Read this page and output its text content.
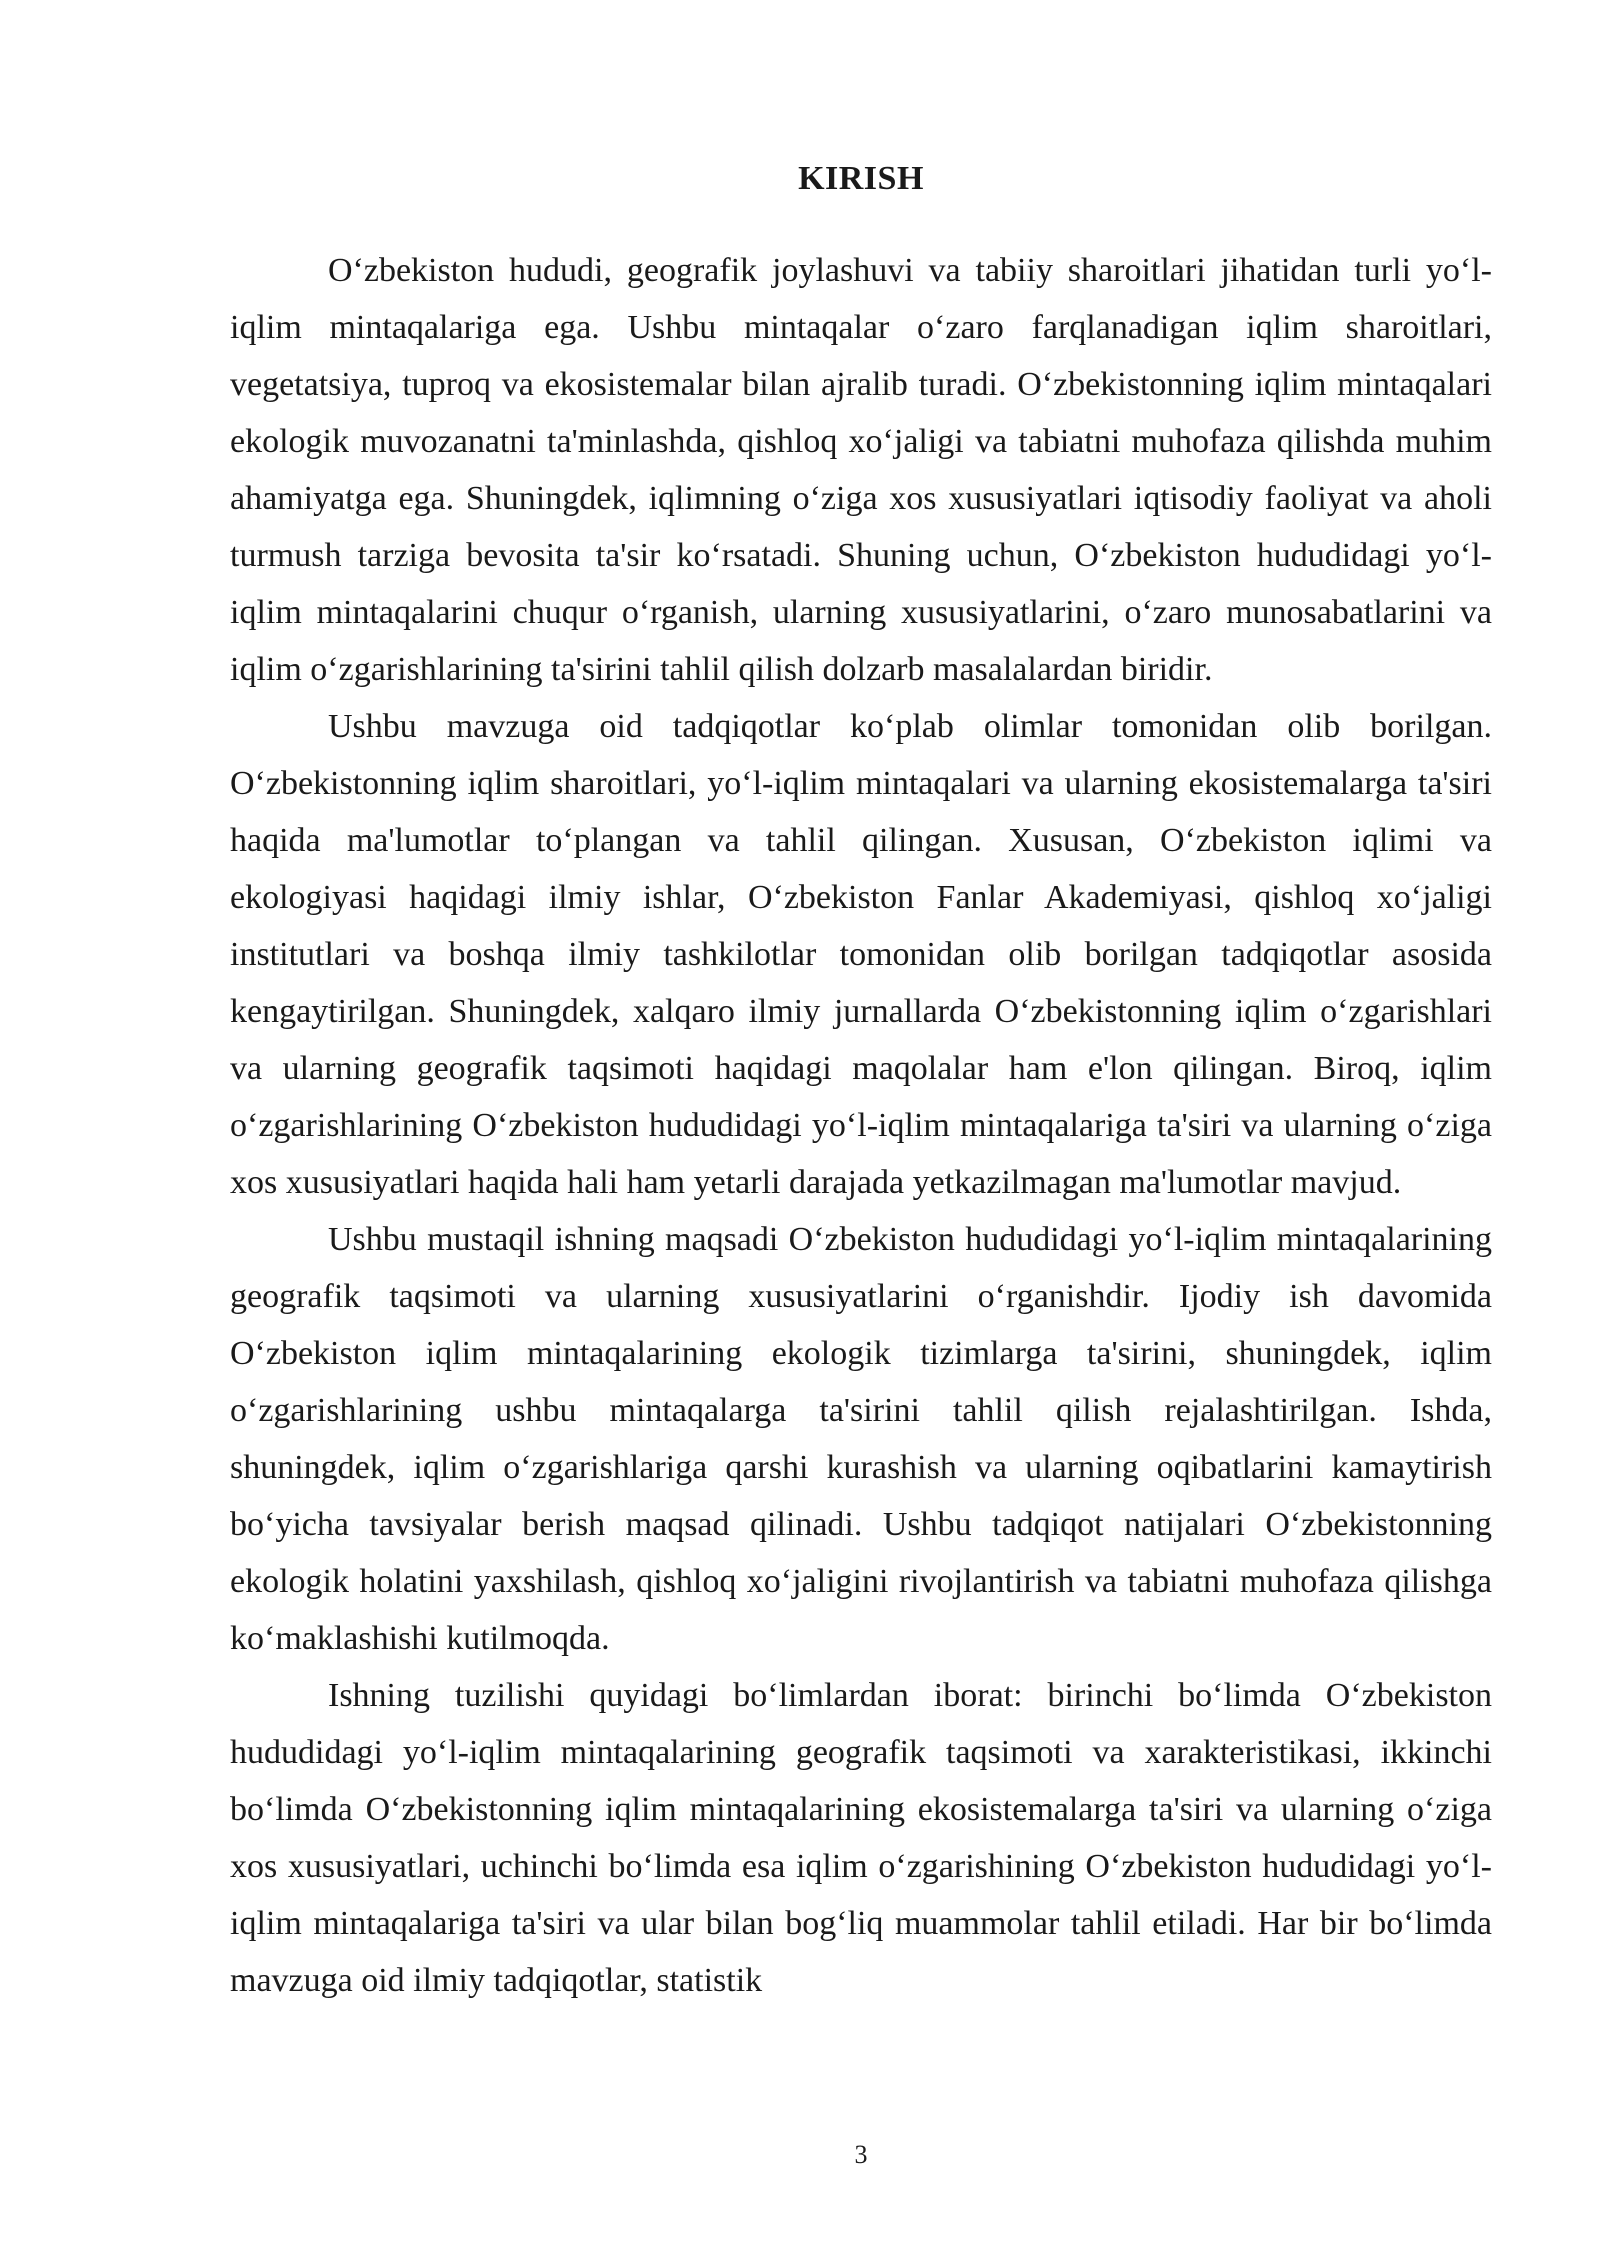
KIRISH

O‘zbekiston hududi, geografik joylashuvi va tabiiy sharoitlari jihatidan turli yo‘l-iqlim mintaqalariga ega. Ushbu mintaqalar o‘zaro farqlanadigan iqlim sharoitlari, vegetatsiya, tuproq va ekosistemalar bilan ajralib turadi. O‘zbekistonning iqlim mintaqalari ekologik muvozanatni ta'minlashda, qishloq xo‘jaligi va tabiatni muhofaza qilishda muhim ahamiyatga ega. Shuningdek, iqlimning o‘ziga xos xususiyatlari iqtisodiy faoliyat va aholi turmush tarziga bevosita ta'sir ko‘rsatadi. Shuning uchun, O‘zbekiston hududidagi yo‘l-iqlim mintaqalarini chuqur o‘rganish, ularning xususiyatlarini, o‘zaro munosabatlarini va iqlim o‘zgarishlarining ta'sirini tahlil qilish dolzarb masalalardan biridir.

Ushbu mavzuga oid tadqiqotlar ko‘plab olimlar tomonidan olib borilgan. O‘zbekistonning iqlim sharoitlari, yo‘l-iqlim mintaqalari va ularning ekosistemalarga ta'siri haqida ma'lumotlar to‘plangan va tahlil qilingan. Xususan, O‘zbekiston iqlimi va ekologiyasi haqidagi ilmiy ishlar, O‘zbekiston Fanlar Akademiyasi, qishloq xo‘jaligi institutlari va boshqa ilmiy tashkilotlar tomonidan olib borilgan tadqiqotlar asosida kengaytirilgan. Shuningdek, xalqaro ilmiy jurnallarda O‘zbekistonning iqlim o‘zgarishlari va ularning geografik taqsimoti haqidagi maqolalar ham e'lon qilingan. Biroq, iqlim o‘zgarishlarining O‘zbekiston hududidagi yo‘l-iqlim mintaqalariga ta'siri va ularning o‘ziga xos xususiyatlari haqida hali ham yetarli darajada yetkazilmagan ma'lumotlar mavjud.

Ushbu mustaqil ishning maqsadi O‘zbekiston hududidagi yo‘l-iqlim mintaqalarining geografik taqsimoti va ularning xususiyatlarini o‘rganishdir. Ijodiy ish davomida O‘zbekiston iqlim mintaqalarining ekologik tizimlarga ta'sirini, shuningdek, iqlim o‘zgarishlarining ushbu mintaqalarga ta'sirini tahlil qilish rejalashtirilgan. Ishda, shuningdek, iqlim o‘zgarishlariga qarshi kurashish va ularning oqibatlarini kamaytirish bo‘yicha tavsiyalar berish maqsad qilinadi. Ushbu tadqiqot natijalari O‘zbekistonning ekologik holatini yaxshilash, qishloq xo‘jaligini rivojlantirish va tabiatni muhofaza qilishga ko‘maklashishi kutilmoqda.

Ishning tuzilishi quyidagi bo‘limlardan iborat: birinchi bo‘limda O‘zbekiston hududidagi yo‘l-iqlim mintaqalarining geografik taqsimoti va xarakteristikasi, ikkinchi bo‘limda O‘zbekistonning iqlim mintaqalarining ekosistemalarga ta'siri va ularning o‘ziga xos xususiyatlari, uchinchi bo‘limda esa iqlim o‘zgarishining O‘zbekiston hududidagi yo‘l-iqlim mintaqalariga ta'siri va ular bilan bog‘liq muammolar tahlil etiladi. Har bir bo‘limda mavzuga oid ilmiy tadqiqotlar, statistik

3
